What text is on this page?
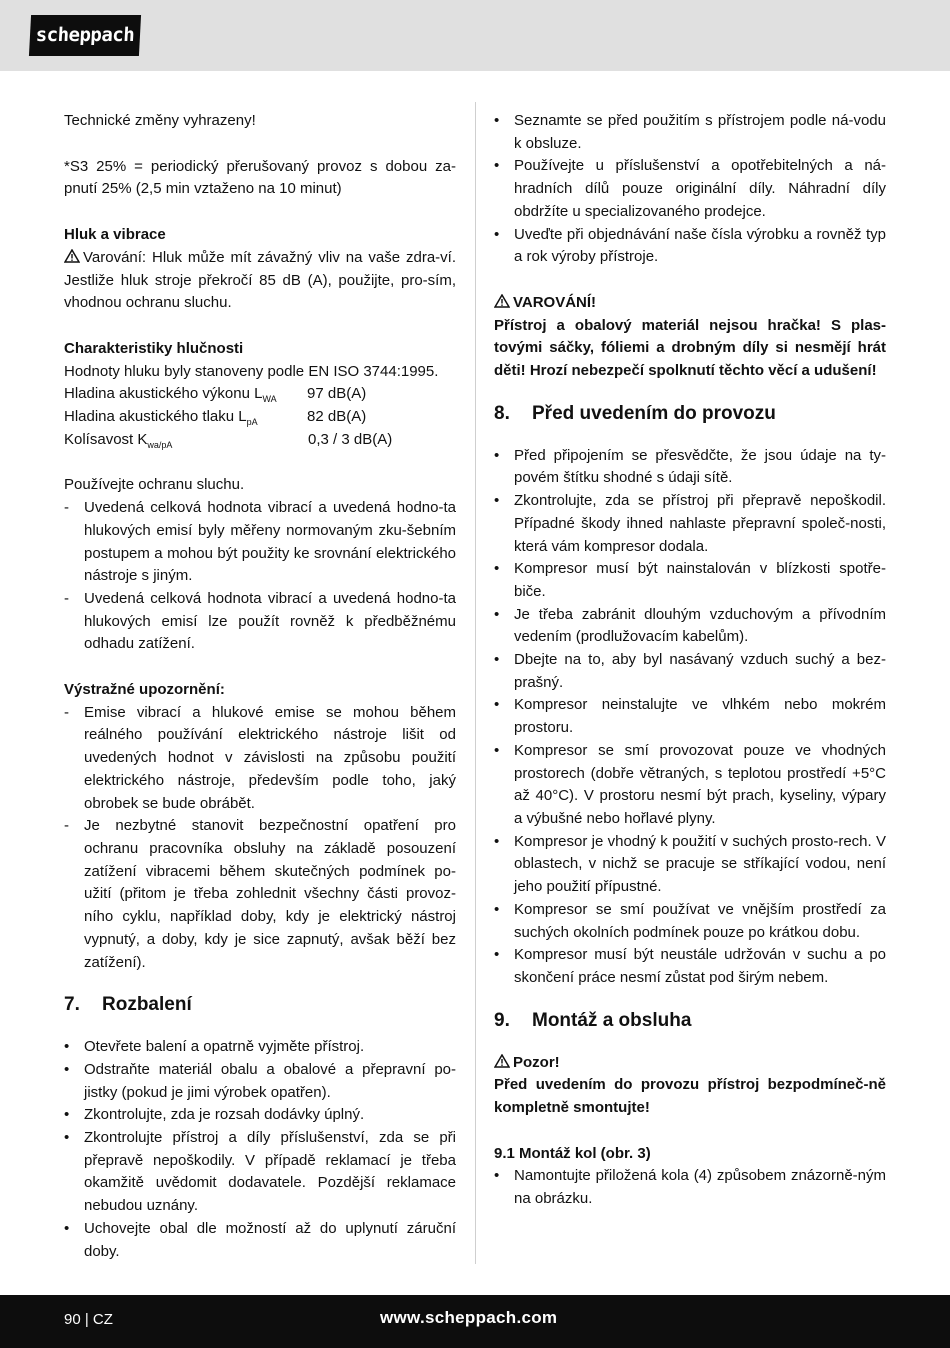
scheppach

Technické změny vyhrazeny!

*S3 25% = periodický přerušovaný provoz s dobou za-pnutí 25% (2,5 min vztaženo na 10 minut)

Hluk a vibrace

Varování: Hluk může mít závažný vliv na vaše zdra-ví. Jestliže hluk stroje překročí 85 dB (A), použijte, pro-sím, vhodnou ochranu sluchu.

Charakteristiky hlučnosti

Hodnoty hluku byly stanoveny podle EN ISO 3744:1995.

Hladina akustického výkonu $L_{WA}$	97 dB(A)
Hladina akustického tlaku $L_{pA}$	82 dB(A)
Kolísavost $K_{wa/pA}$	0,3 / 3 dB(A)

Používejte ochranu sluchu.

- Uvedená celková hodnota vibrací a uvedená hodno-ta hlukových emisí byly měřeny normovaným zku-šebním postupem a mohou být použity ke srovnání elektrického nástroje s jiným.
- Uvedená celková hodnota vibrací a uvedená hodno-ta hlukových emisí lze použít rovněž k předběžnému odhadu zatížení.

Výstražné upozornění:

- Emise vibrací a hlukové emise se mohou během reálného používání elektrického nástroje lišit od uvedených hodnot v závislosti na způsobu použití elektrického nástroje, především podle toho, jaký obrobek se bude obrábět.
- Je nezbytné stanovit bezpečnostní opatření pro ochranu pracovníka obsluhy na základě posouzení zatížení vibracemi během skutečných podmínek po-užití (přitom je třeba zohlednit všechny části provoz-ního cyklu, například doby, kdy je elektrický nástroj vypnutý, a doby, kdy je sice zapnutý, avšak běží bez zatížení).
7.	Rozbalení
• Otevřete balení a opatrně vyjměte přístroj.
• Odstraňte materiál obalu a obalové a přepravní po-jistky (pokud je jimi výrobek opatřen).
• Zkontrolujte, zda je rozsah dodávky úplný.
• Zkontrolujte přístroj a díly příslušenství, zda se při přepravě nepoškodily. V případě reklamací je třeba okamžitě uvědomit dodavatele. Pozdější reklamace nebudou uznány.
• Uchovejte obal dle možností až do uplynutí záruční doby.
• Seznamte se před použitím s přístrojem podle ná-vodu k obsluze.
• Používejte u příslušenství a opotřebitelných a ná-hradních dílů pouze originální díly. Náhradní díly obdržíte u specializovaného prodejce.
• Uveďte při objednávání naše čísla výrobku a rovněž typ a rok výroby přístroje.

VAROVÁNÍ!

Přístroj a obalový materiál nejsou hračka! S plas-tovými sáčky, fóliemi a drobným díly si nesmějí hrát děti! Hrozí nebezpečí spolknutí těchto věcí a udušení!

8.	Před uvedením do provozu
• Před připojením se přesvědčte, že jsou údaje na ty-povém štítku shodné s údaji sítě.
• Zkontrolujte, zda se přístroj při přepravě nepoškodil. Případné škody ihned nahlaste přepravní společ-nosti, která vám kompresor dodala.
• Kompresor musí být nainstalován v blízkosti spotře-biče.
• Je třeba zabránit dlouhým vzduchovým a přívodním vedením (prodlužovacím kabelům).
• Dbejte na to, aby byl nasávaný vzduch suchý a bez-prašný.
• Kompresor neinstalujte ve vlhkém nebo mokrém prostoru.
• Kompresor se smí provozovat pouze ve vhodných prostorech (dobře větraných, s teplotou prostředí +5°C až 40°C). V prostoru nesmí být prach, kyseliny, výpary a výbušné nebo hořlavé plyny.
• Kompresor je vhodný k použití v suchých prosto-rech. V oblastech, v nichž se pracuje se stříkající vodou, není jeho použití přípustné.
• Kompresor se smí používat ve vnějším prostředí za suchých okolních podmínek pouze po krátkou dobu.
• Kompresor musí být neustále udržován v suchu a po skončení práce nesmí zůstat pod širým nebem.
9.	Montáž a obsluha

Pozor!

Před uvedením do provozu přístroj bezpodmíneč-ně kompletně smontujte!

9.1 Montáž kol (obr. 3)

• Namontujte přiložená kola (4) způsobem znázorně-ným na obrázku.
90 | CZ	www.scheppach.com
